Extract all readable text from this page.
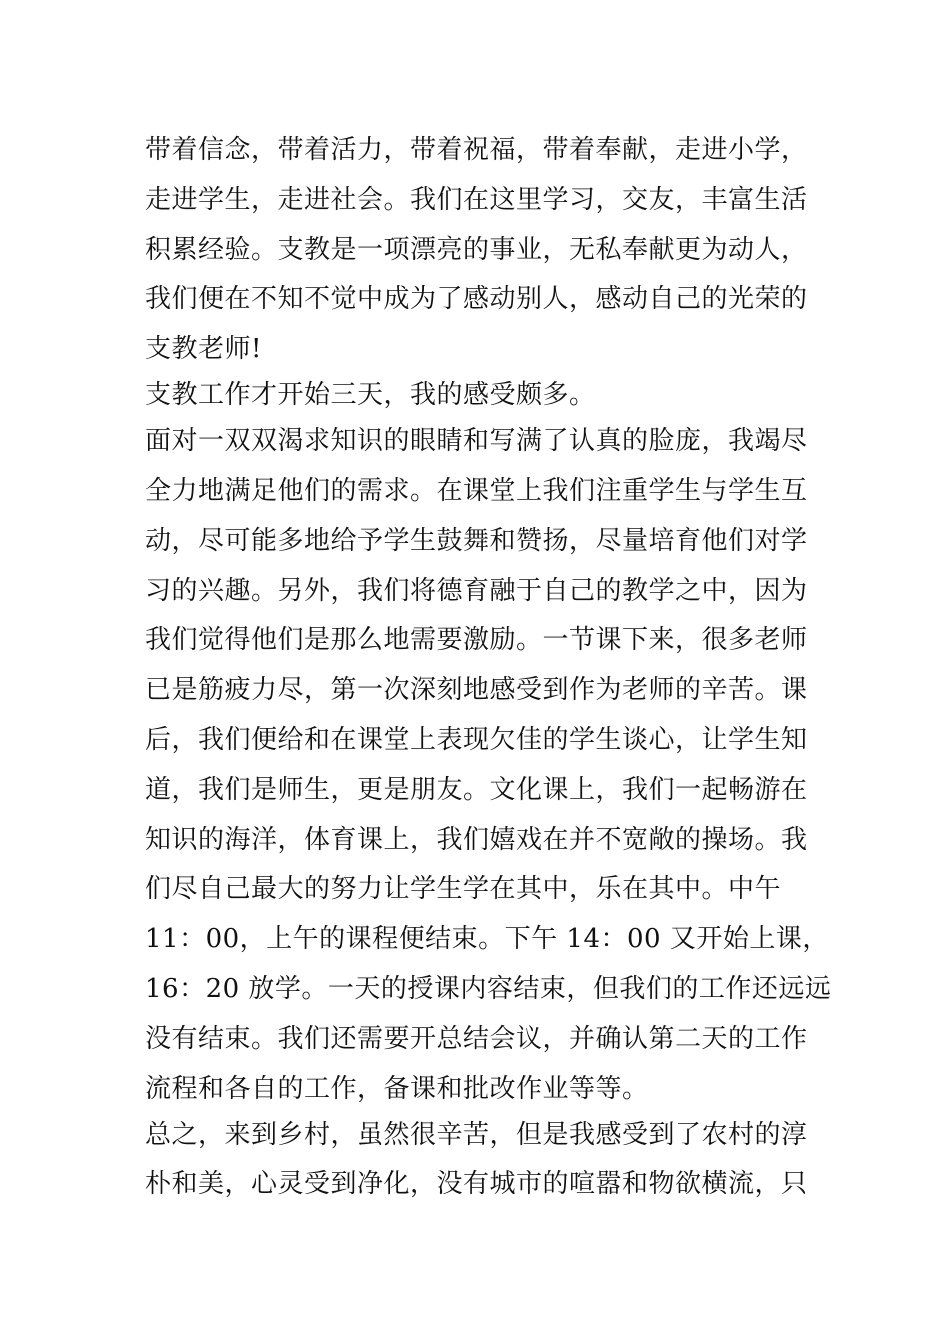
带着信念，带着活力，带着祝福，带着奉献，走进小学，
走进学生，走进社会。我们在这里学习，交友，丰富生活
积累经验。支教是一项漂亮的事业，无私奉献更为动人，
我们便在不知不觉中成为了感动别人，感动自己的光荣的
支教老师!
支教工作才开始三天，我的感受颇多。
面对一双双渴求知识的眼睛和写满了认真的脸庞，我竭尽
全力地满足他们的需求。在课堂上我们注重学生与学生互
动，尽可能多地给予学生鼓舞和赞扬，尽量培育他们对学
习的兴趣。另外，我们将德育融于自己的教学之中，因为
我们觉得他们是那么地需要激励。一节课下来，很多老师
已是筋疲力尽，第一次深刻地感受到作为老师的辛苦。课
后，我们便给和在课堂上表现欠佳的学生谈心，让学生知
道，我们是师生，更是朋友。文化课上，我们一起畅游在
知识的海洋，体育课上，我们嬉戏在并不宽敞的操场。我
们尽自己最大的努力让学生学在其中，乐在其中。中午
11：00，上午的课程便结束。下午 14：00 又开始上课，
16：20 放学。一天的授课内容结束，但我们的工作还远远
没有结束。我们还需要开总结会议，并确认第二天的工作
流程和各自的工作，备课和批改作业等等。
总之，来到乡村，虽然很辛苦，但是我感受到了农村的淳
朴和美，心灵受到净化，没有城市的喧嚣和物欲横流，只
